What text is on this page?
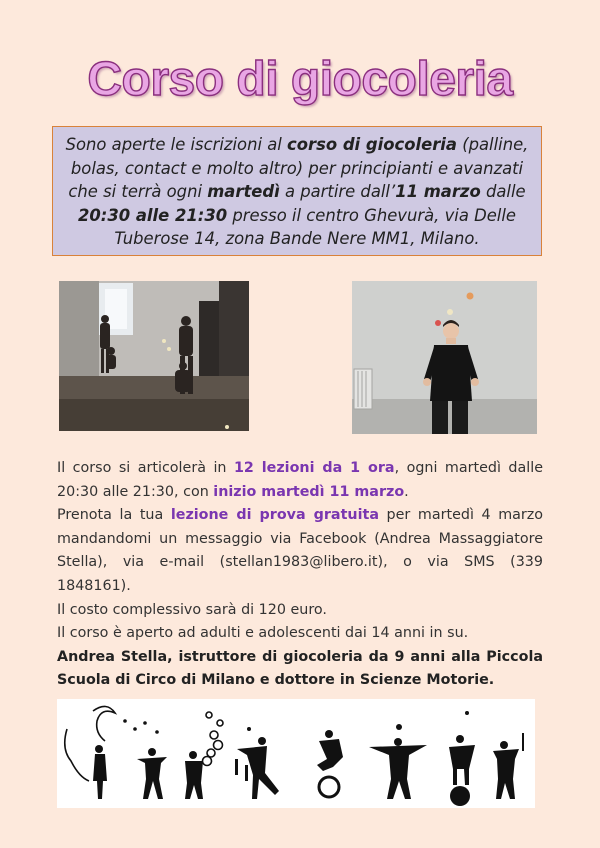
Corso di giocoleria
Sono aperte le iscrizioni al corso di giocoleria (palline, bolas, contact e molto altro) per principianti e avanzati che si terrà ogni martedì a partire dall’11 marzo dalle 20:30 alle 21:30 presso il centro Ghevurà, via Delle Tuberose 14, zona Bande Nere MM1, Milano.

Il corso si articolerà in 12 lezioni da 1 ora, ogni martedì dalle 20:30 alle 21:30, con inizio martedì 11 marzo.

Prenota la tua lezione di prova gratuita per martedì 4 marzo mandandomi un messaggio via Facebook (Andrea Massaggiatore Stella), via e-mail (stellan1983@libero.it), o via SMS (339 1848161).

Il costo complessivo sarà di 120 euro.

Il corso è aperto ad adulti e adolescenti dai 14 anni in su.

Andrea Stella, istruttore di giocoleria da 9 anni alla Piccola Scuola di Circo di Milano e dottore in Scienze Motorie.
